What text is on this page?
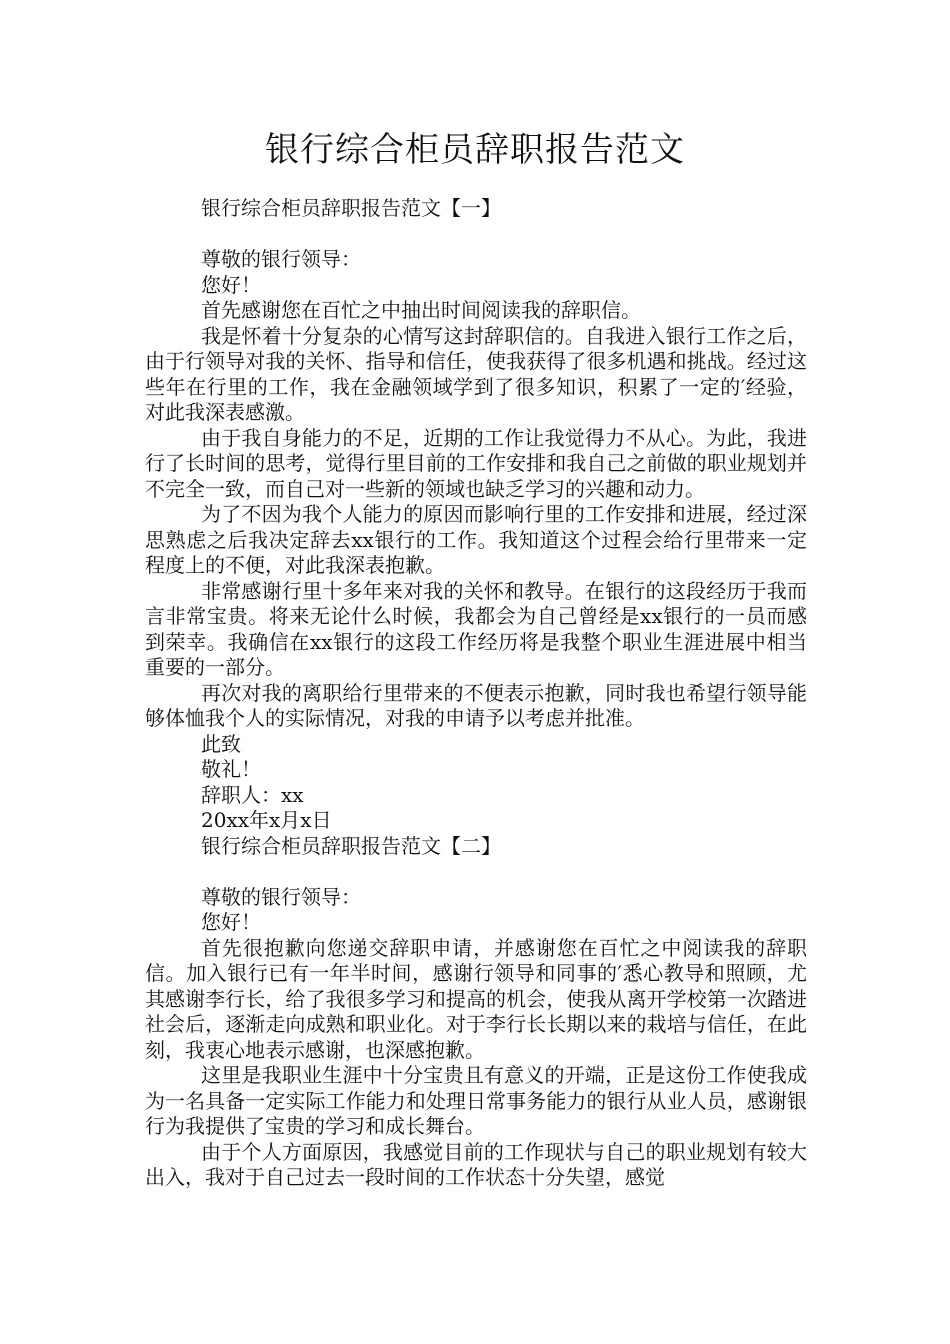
银行综合柜员辞职报告范文

银行综合柜员辞职报告范文【一】

尊敬的银行领导：

您好！

首先感谢您在百忙之中抽出时间阅读我的辞职信。

我是怀着十分复杂的心情写这封辞职信的。自我进入银行工作之后，由于行领导对我的关怀、指导和信任，使我获得了很多机遇和挑战。经过这些年在行里的工作，我在金融领域学到了很多知识，积累了一定的′经验，对此我深表感激。

由于我自身能力的不足，近期的工作让我觉得力不从心。为此，我进行了长时间的思考，觉得行里目前的工作安排和我自己之前做的职业规划并不完全一致，而自己对一些新的领域也缺乏学习的兴趣和动力。

为了不因为我个人能力的原因而影响行里的工作安排和进展，经过深思熟虑之后我决定辞去xx银行的工作。我知道这个过程会给行里带来一定程度上的不便，对此我深表抱歉。

非常感谢行里十多年来对我的关怀和教导。在银行的这段经历于我而言非常宝贵。将来无论什么时候，我都会为自己曾经是xx银行的一员而感到荣幸。我确信在xx银行的这段工作经历将是我整个职业生涯进展中相当重要的一部分。

再次对我的离职给行里带来的不便表示抱歉，同时我也希望行领导能够体恤我个人的实际情况，对我的申请予以考虑并批准。

此致

敬礼！

辞职人：xx

20xx年x月x日

银行综合柜员辞职报告范文【二】

尊敬的银行领导：

您好！

首先很抱歉向您递交辞职申请，并感谢您在百忙之中阅读我的辞职信。加入银行已有一年半时间，感谢行领导和同事的′悉心教导和照顾，尤其感谢李行长，给了我很多学习和提高的机会，使我从离开学校第一次踏进社会后，逐渐走向成熟和职业化。对于李行长长期以来的栽培与信任，在此刻，我衷心地表示感谢，也深感抱歉。

这里是我职业生涯中十分宝贵且有意义的开端，正是这份工作使我成为一名具备一定实际工作能力和处理日常事务能力的银行从业人员，感谢银行为我提供了宝贵的学习和成长舞台。

由于个人方面原因，我感觉目前的工作现状与自己的职业规划有较大出入，我对于自己过去一段时间的工作状态十分失望，感觉
